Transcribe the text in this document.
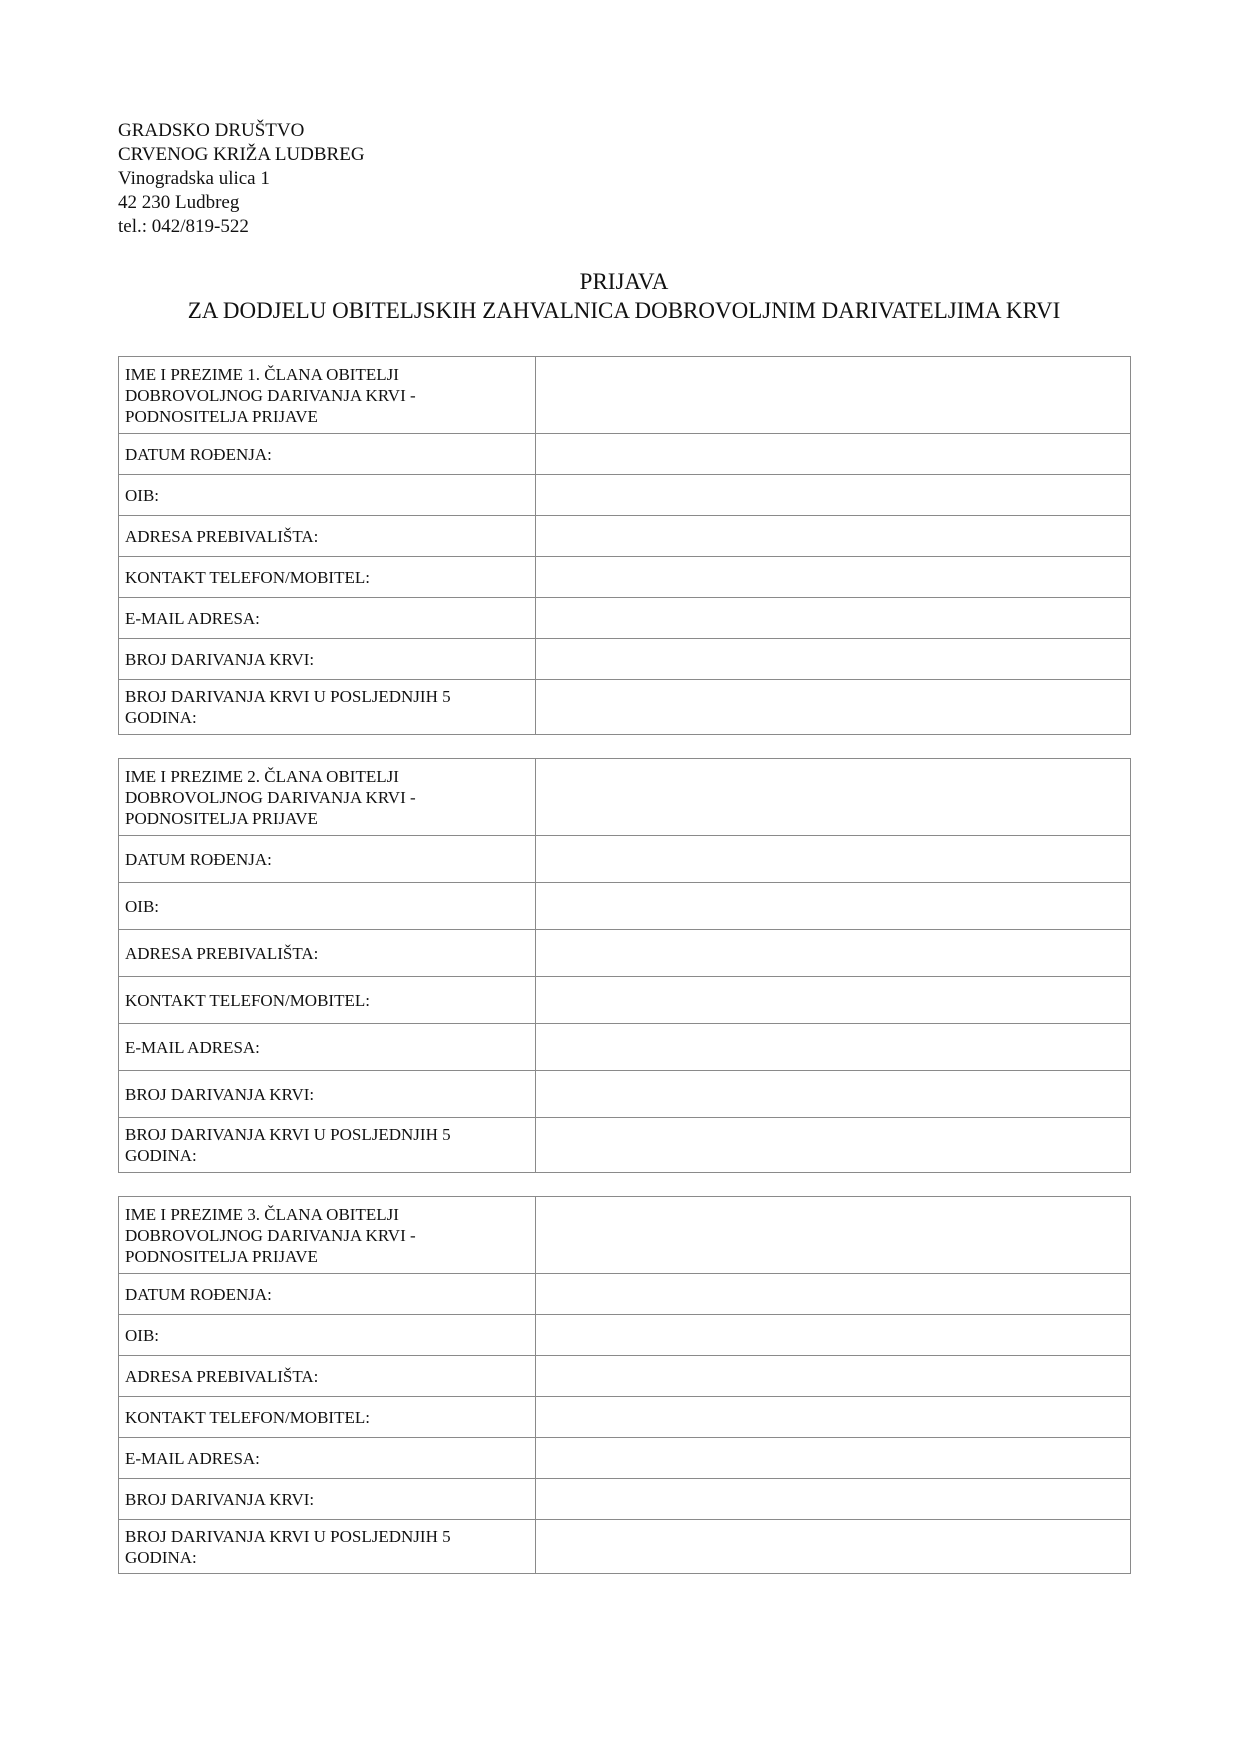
GRADSKO DRUŠTVO
CRVENOG KRIŽA LUDBREG
Vinogradska ulica 1
42 230 Ludbreg
tel.: 042/819-522
PRIJAVA
ZA DODJELU OBITELJSKIH ZAHVALNICA DOBROVOLJNIM DARIVATELJIMA KRVI
IME I PREZIME 1. ČLANA OBITELJI
DOBROVOLJNOG DARIVANJA KRVI -
PODNOSITELJA PRIJAVE	

DATUM ROĐENJA:	
OIB:	
ADRESA PREBIVALIŠTA:	
KONTAKT TELEFON/MOBITEL:	
E-MAIL ADRESA:	
BROJ DARIVANJA KRVI:	

BROJ DARIVANJA KRVI U POSLJEDNJIH 5
GODINA:	

IME I PREZIME 2. ČLANA OBITELJI
DOBROVOLJNOG DARIVANJA KRVI -
PODNOSITELJA PRIJAVE	

DATUM ROĐENJA:	
OIB:	
ADRESA PREBIVALIŠTA:	
KONTAKT TELEFON/MOBITEL:	
E-MAIL ADRESA:	
BROJ DARIVANJA KRVI:	

BROJ DARIVANJA KRVI U POSLJEDNJIH 5
GODINA:	

IME I PREZIME 3. ČLANA OBITELJI
DOBROVOLJNOG DARIVANJA KRVI -
PODNOSITELJA PRIJAVE	

DATUM ROĐENJA:	
OIB:	
ADRESA PREBIVALIŠTA:	
KONTAKT TELEFON/MOBITEL:	
E-MAIL ADRESA:	
BROJ DARIVANJA KRVI:	

BROJ DARIVANJA KRVI U POSLJEDNJIH 5
GODINA:	
